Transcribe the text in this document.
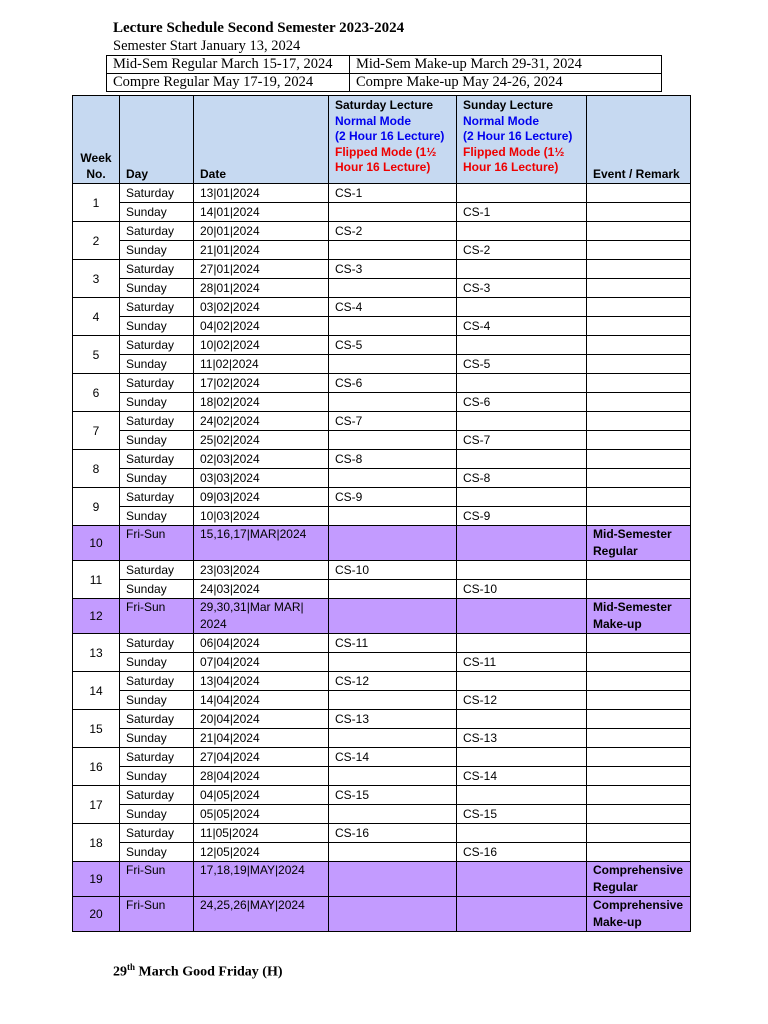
Lecture Schedule Second Semester 2023-2024
Semester Start January 13, 2024
Mid-Sem Regular March 15-17, 2024	Mid-Sem Make-up March 29-31, 2024
Compre Regular May 17-19, 2024	Compre Make-up May 24-26, 2024
Week
No.	Day	Date	Saturday Lecture
Normal Mode
(2 Hour 16 Lecture)
Flipped Mode (1½
Hour 16 Lecture)	Sunday Lecture
Normal Mode
(2 Hour 16 Lecture)
Flipped Mode (1½
Hour 16 Lecture)	Event / Remark
1	Saturday	13|01|2024	CS-1		
	Sunday	14|01|2024		CS-1	
2	Saturday	20|01|2024	CS-2		
	Sunday	21|01|2024		CS-2	
3	Saturday	27|01|2024	CS-3		
	Sunday	28|01|2024		CS-3	
4	Saturday	03|02|2024	CS-4		
	Sunday	04|02|2024		CS-4	
5	Saturday	10|02|2024	CS-5		
	Sunday	11|02|2024		CS-5	
6	Saturday	17|02|2024	CS-6		
	Sunday	18|02|2024		CS-6	
7	Saturday	24|02|2024	CS-7		
	Sunday	25|02|2024		CS-7	
8	Saturday	02|03|2024	CS-8		
	Sunday	03|03|2024		CS-8	
9	Saturday	09|03|2024	CS-9		
	Sunday	10|03|2024		CS-9	
10	Fri-Sun	15,16,17|MAR|2024			Mid-Semester
Regular

11	Saturday	23|03|2024	CS-10		
	Sunday	24|03|2024		CS-10	
12	Fri-Sun	29,30,31|Mar MAR|
2024			Mid-Semester
Make-up

13	Saturday	06|04|2024	CS-11		
	Sunday	07|04|2024		CS-11	
14	Saturday	13|04|2024	CS-12		
	Sunday	14|04|2024		CS-12	
15	Saturday	20|04|2024	CS-13		
	Sunday	21|04|2024		CS-13	
16	Saturday	27|04|2024	CS-14		
	Sunday	28|04|2024		CS-14	
17	Saturday	04|05|2024	CS-15		
	Sunday	05|05|2024		CS-15	
18	Saturday	11|05|2024	CS-16		
	Sunday	12|05|2024		CS-16	
19	Fri-Sun	17,18,19|MAY|2024			Comprehensive
Regular

20	Fri-Sun	24,25,26|MAY|2024			Comprehensive
Make-up
29th March Good Friday (H)
